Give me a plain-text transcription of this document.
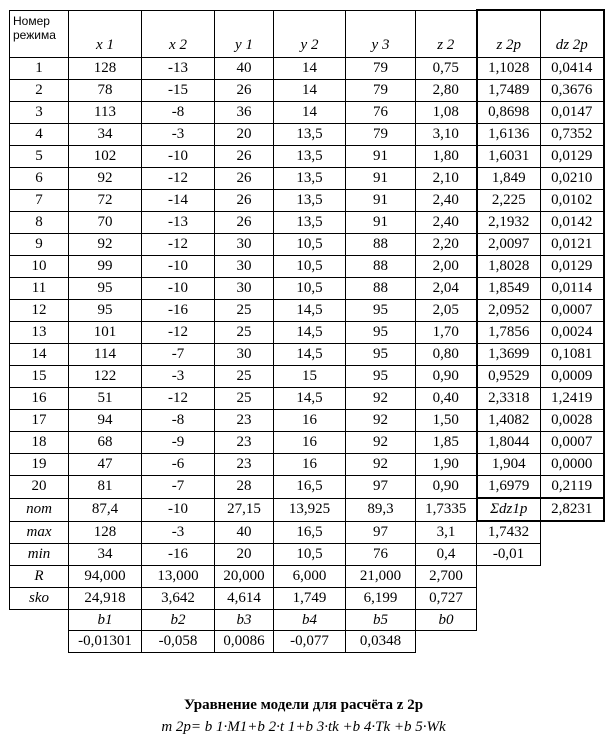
Номер режима	x 1	x 2	y 1	y 2	y 3	z 2	z 2p	dz 2p
1	128	-13	40	14	79	0,75	1,1028	0,0414
2	78	-15	26	14	79	2,80	1,7489	0,3676
3	113	-8	36	14	76	1,08	0,8698	0,0147
4	34	-3	20	13,5	79	3,10	1,6136	0,7352
5	102	-10	26	13,5	91	1,80	1,6031	0,0129
6	92	-12	26	13,5	91	2,10	1,849	0,0210
7	72	-14	26	13,5	91	2,40	2,225	0,0102
8	70	-13	26	13,5	91	2,40	2,1932	0,0142
9	92	-12	30	10,5	88	2,20	2,0097	0,0121
10	99	-10	30	10,5	88	2,00	1,8028	0,0129
11	95	-10	30	10,5	88	2,04	1,8549	0,0114
12	95	-16	25	14,5	95	2,05	2,0952	0,0007
13	101	-12	25	14,5	95	1,70	1,7856	0,0024
14	114	-7	30	14,5	95	0,80	1,3699	0,1081
15	122	-3	25	15	95	0,90	0,9529	0,0009
16	51	-12	25	14,5	92	0,40	2,3318	1,2419
17	94	-8	23	16	92	1,50	1,4082	0,0028
18	68	-9	23	16	92	1,85	1,8044	0,0007
19	47	-6	23	16	92	1,90	1,904	0,0000
20	81	-7	28	16,5	97	0,90	1,6979	0,2119
nom	87,4	-10	27,15	13,925	89,3	1,7335	Σdz1p	2,8231
max	128	-3	40	16,5	97	3,1	1,7432	
min	34	-16	20	10,5	76	0,4	-0,01	
R	94,000	13,000	20,000	6,000	21,000	2,700		
sko	24,918	3,642	4,614	1,749	6,199	0,727		
	b1	b2	b3	b4	b5	b0		
	-0,01301	-0,058	0,0086	-0,077	0,0348			
Уравнение модели для расчёта z 2p
m 2p= b 1·M1+b 2·t 1+b 3·tk +b 4·Tk +b 5·Wk
